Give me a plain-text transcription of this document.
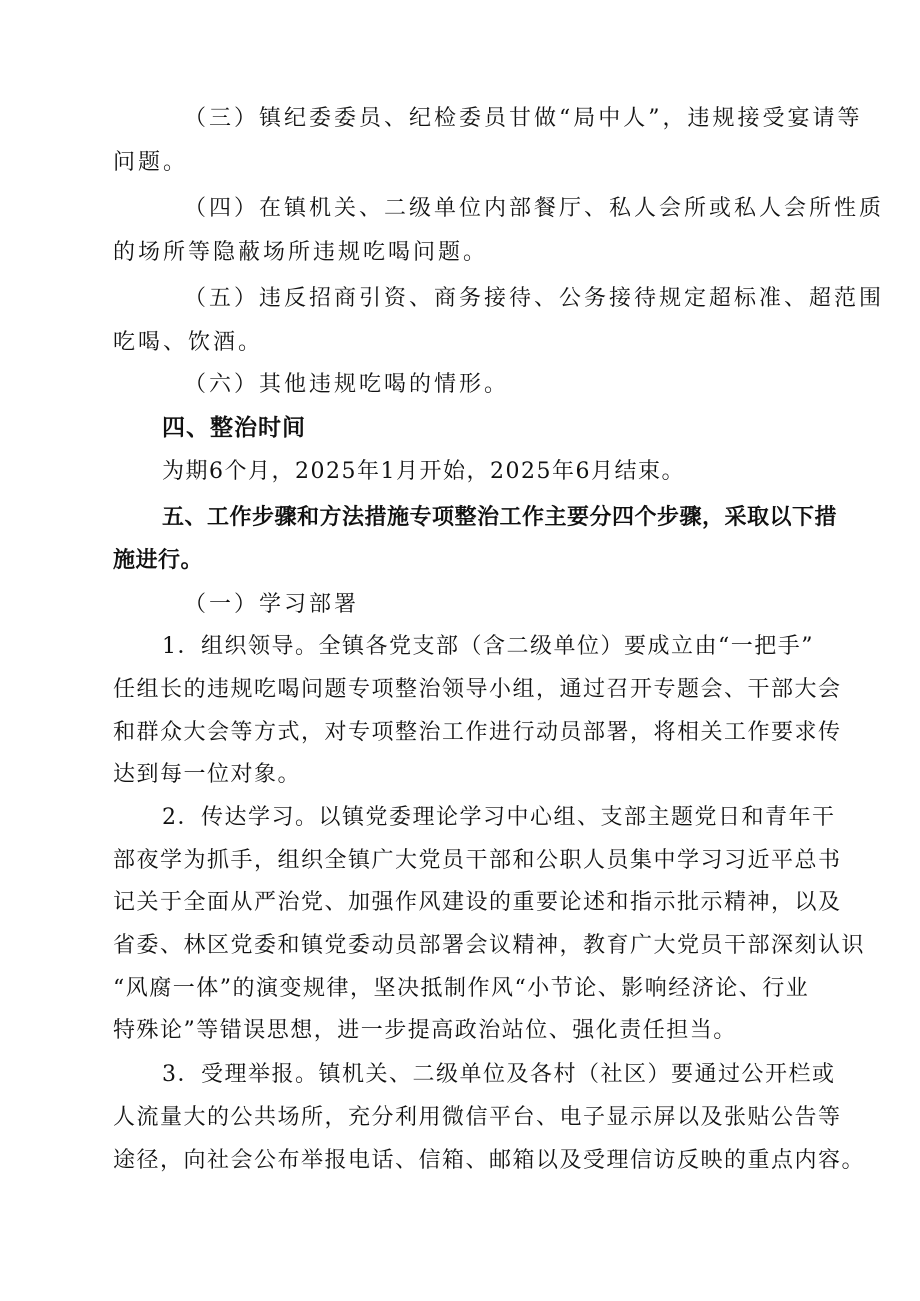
（三）镇纪委委员、纪检委员甘做“局中人”，违规接受宴请等
问题。
（四）在镇机关、二级单位内部餐厅、私人会所或私人会所性质
的场所等隐蔽场所违规吃喝问题。
（五）违反招商引资、商务接待、公务接待规定超标准、超范围
吃喝、饮酒。
（六）其他违规吃喝的情形。
四、整治时间
为期6个月，2025年1月开始，2025年6月结束。
五、工作步骤和方法措施专项整治工作主要分四个步骤，采取以下措
施进行。
（一）学习部署
1．组织领导。全镇各党支部（含二级单位）要成立由“一把手”
任组长的违规吃喝问题专项整治领导小组，通过召开专题会、干部大会
和群众大会等方式，对专项整治工作进行动员部署，将相关工作要求传
达到每一位对象。
2．传达学习。以镇党委理论学习中心组、支部主题党日和青年干
部夜学为抓手，组织全镇广大党员干部和公职人员集中学习习近平总书
记关于全面从严治党、加强作风建设的重要论述和指示批示精神，以及
省委、林区党委和镇党委动员部署会议精神，教育广大党员干部深刻认识
“风腐一体”的演变规律，坚决抵制作风“小节论、影响经济论、行业
特殊论”等错误思想，进一步提高政治站位、强化责任担当。
3．受理举报。镇机关、二级单位及各村（社区）要通过公开栏或
人流量大的公共场所，充分利用微信平台、电子显示屏以及张贴公告等
途径，向社会公布举报电话、信箱、邮箱以及受理信访反映的重点内容。
